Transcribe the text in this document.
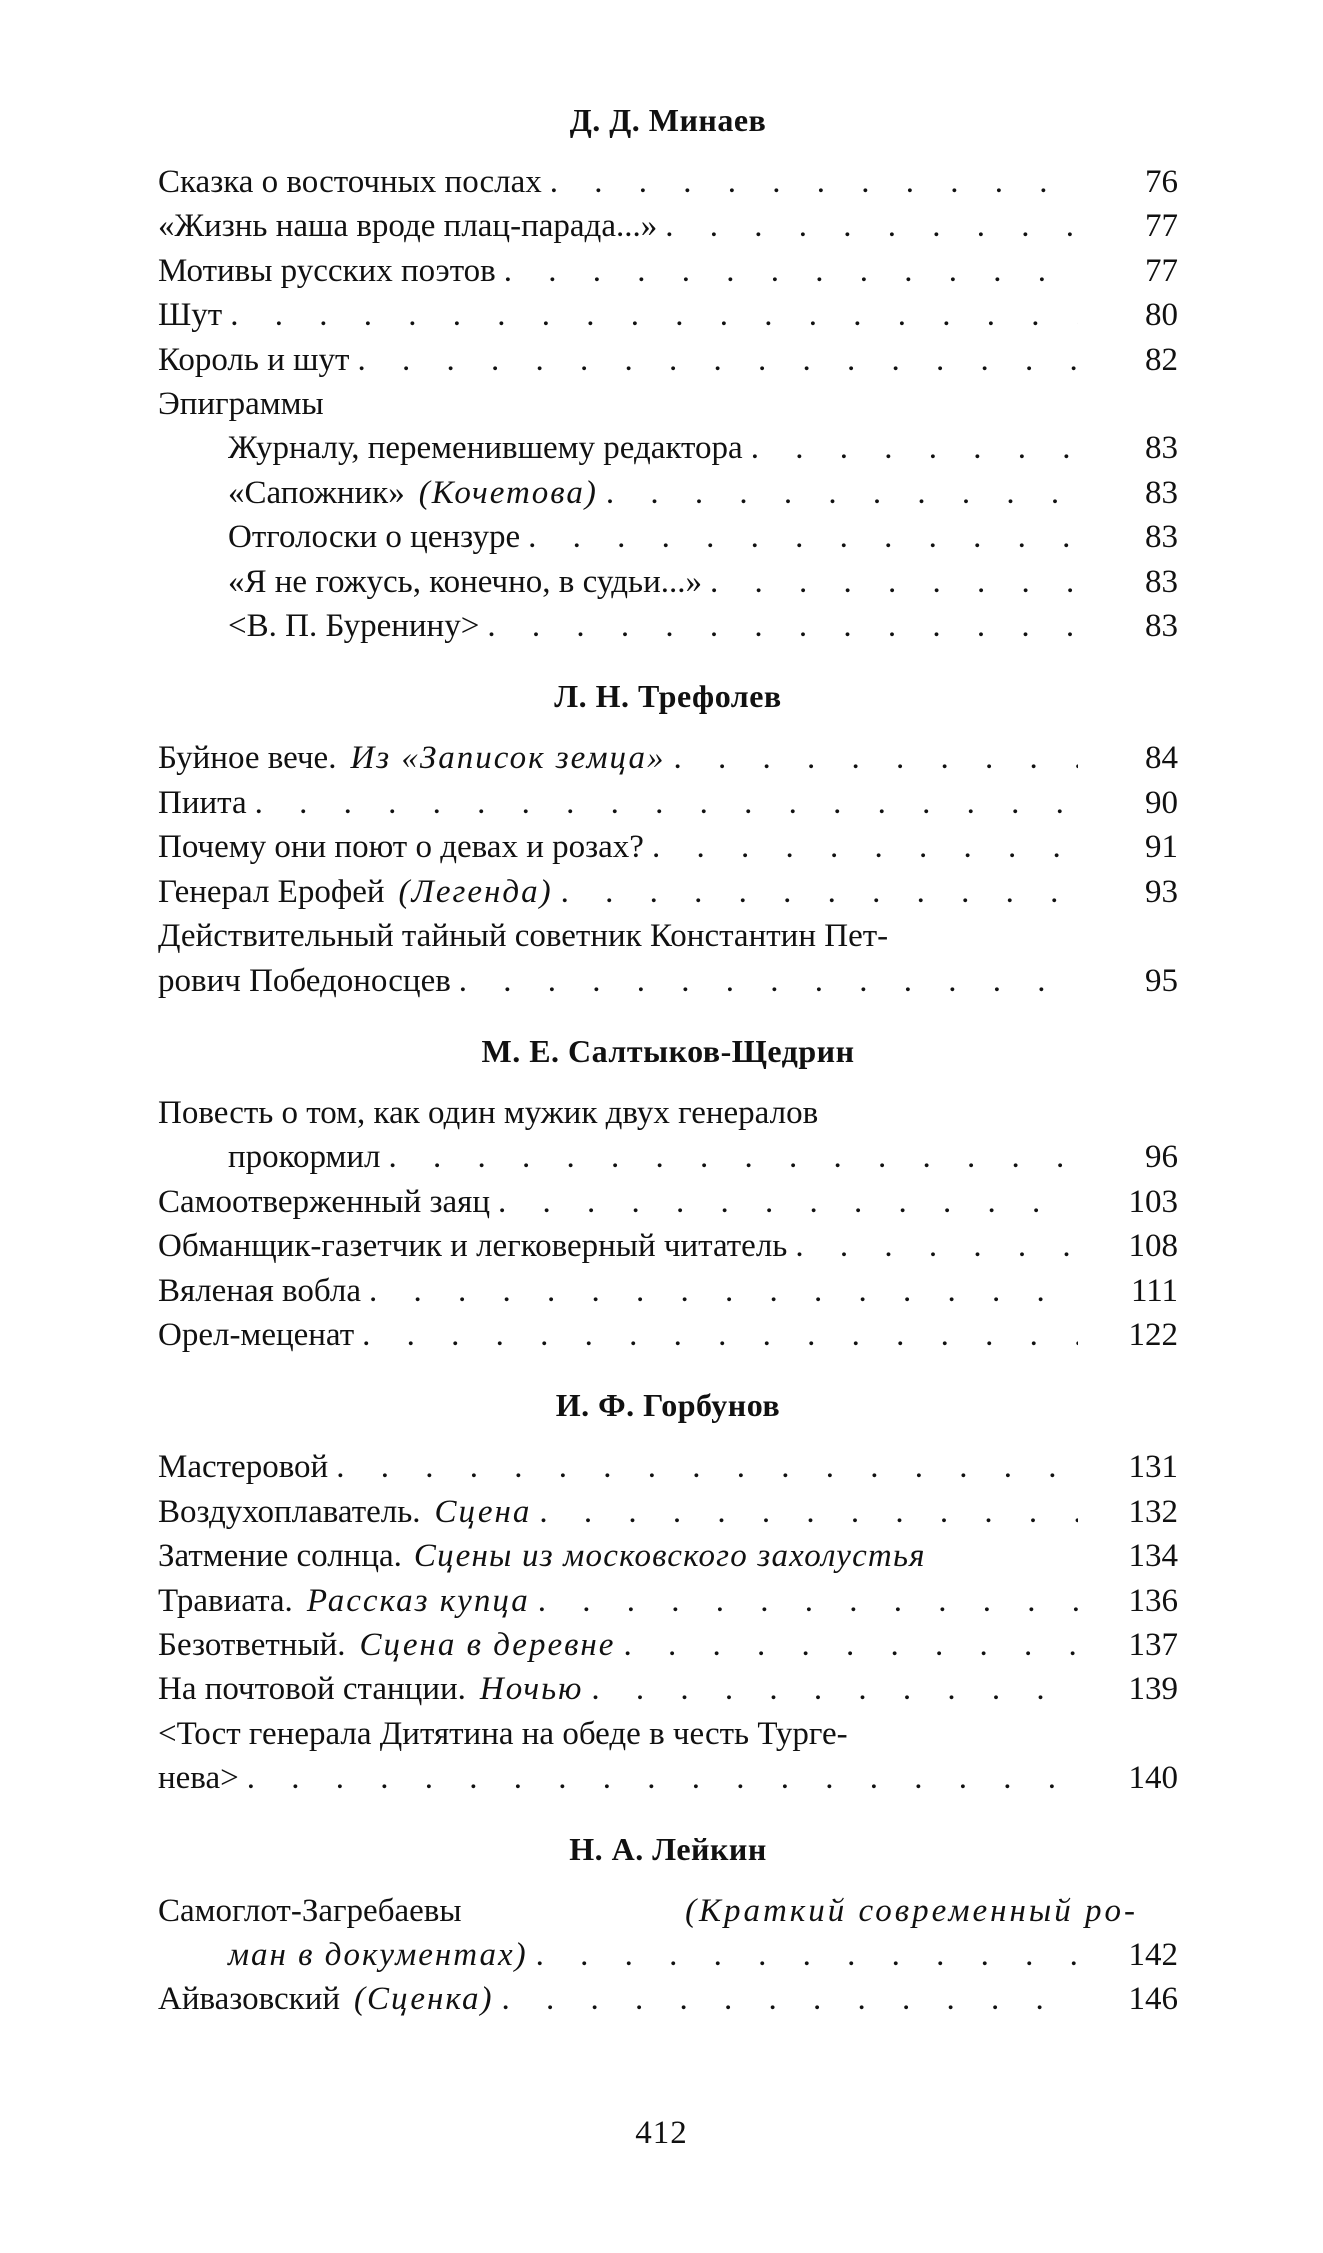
Д. Д. Минаев
Сказка о восточных послах . . .	76
«Жизнь наша вроде плац-парада...» . . .	77
Мотивы русских поэтов . . .	77
Шут . . .	80
Король и шут . . .	82
Эпиграммы
Журналу, переменившему редактора . . .	83
«Сапожник» (Кочетова) . . .	83
Отголоски о цензуре . . .	83
«Я не гожусь, конечно, в судьи...» . . .	83
<В. П. Буренину> . . .	83
Л. Н. Трефолев
Буйное вече. Из «Записок земца» . . .	84
Пиита . . .	90
Почему они поют о девах и розах? . . .	91
Генерал Ерофей (Легенда) . . .	93
Действительный тайный советник Константин Пет-
рович Победоносцев . . .	95
М. Е. Салтыков-Щедрин
Повесть о том, как один мужик двух генералов
прокормил . . .	96
Самоотверженный заяц . . .	103
Обманщик-газетчик и легковерный читатель . . .	108
Вяленая вобла . . .	111
Орел-меценат . . .	122
И. Ф. Горбунов
Мастеровой . . .	131
Воздухоплаватель. Сцена . . .	132
Затмение солнца. Сцены из московского захолустья	134
Травиата. Рассказ купца . . .	136
Безответный. Сцена в деревне . . .	137
На почтовой станции. Ночью . . .	139
<Тост генерала Дитятина на обеде в честь Турге-
нева> . . .	140
Н. А. Лейкин
Самоглот-Загребаевы	(Краткий современный ро-
ман в документах) . . .	142
Айвазовский (Сценка) . . .	146
412
